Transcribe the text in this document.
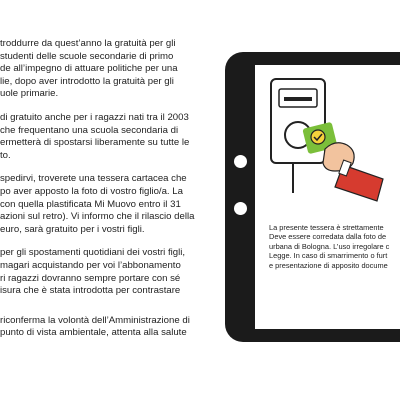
troddurre da quest’anno la gratuità per gli

studenti delle scuole secondarie di primo

de all’impegno di attuare politiche per una

lie, dopo aver introdotto la gratuità per gli

uole primarie.

di gratuito anche per i ragazzi nati tra il 2003

che frequentano una scuola secondaria di

ermetterà di spostarsi liberamente su tutte le

to.

spedirvi, troverete una tessera cartacea che

po aver apposto la foto di vostro figlio/a. La

con quella plastificata Mi Muovo entro il 31

azioni sul retro). Vi informo che il rilascio della

euro, sarà gratuito per i vostri figli.

per gli spostamenti quotidiani dei vostri figli,

magari acquistando per voi l’abbonamento

ri ragazzi dovranno sempre portare con sé

isura che è stata introdotta per contrastare

riconferma la volontà dell’Amministrazione di

punto di vista ambientale, attenta alla salute

La presente tessera è strettamente

Deve essere corredata dalla foto de

urbana di Bologna. L’uso irregolare c

Legge. In caso di smarrimento o furt

e presentazione di apposito docume
